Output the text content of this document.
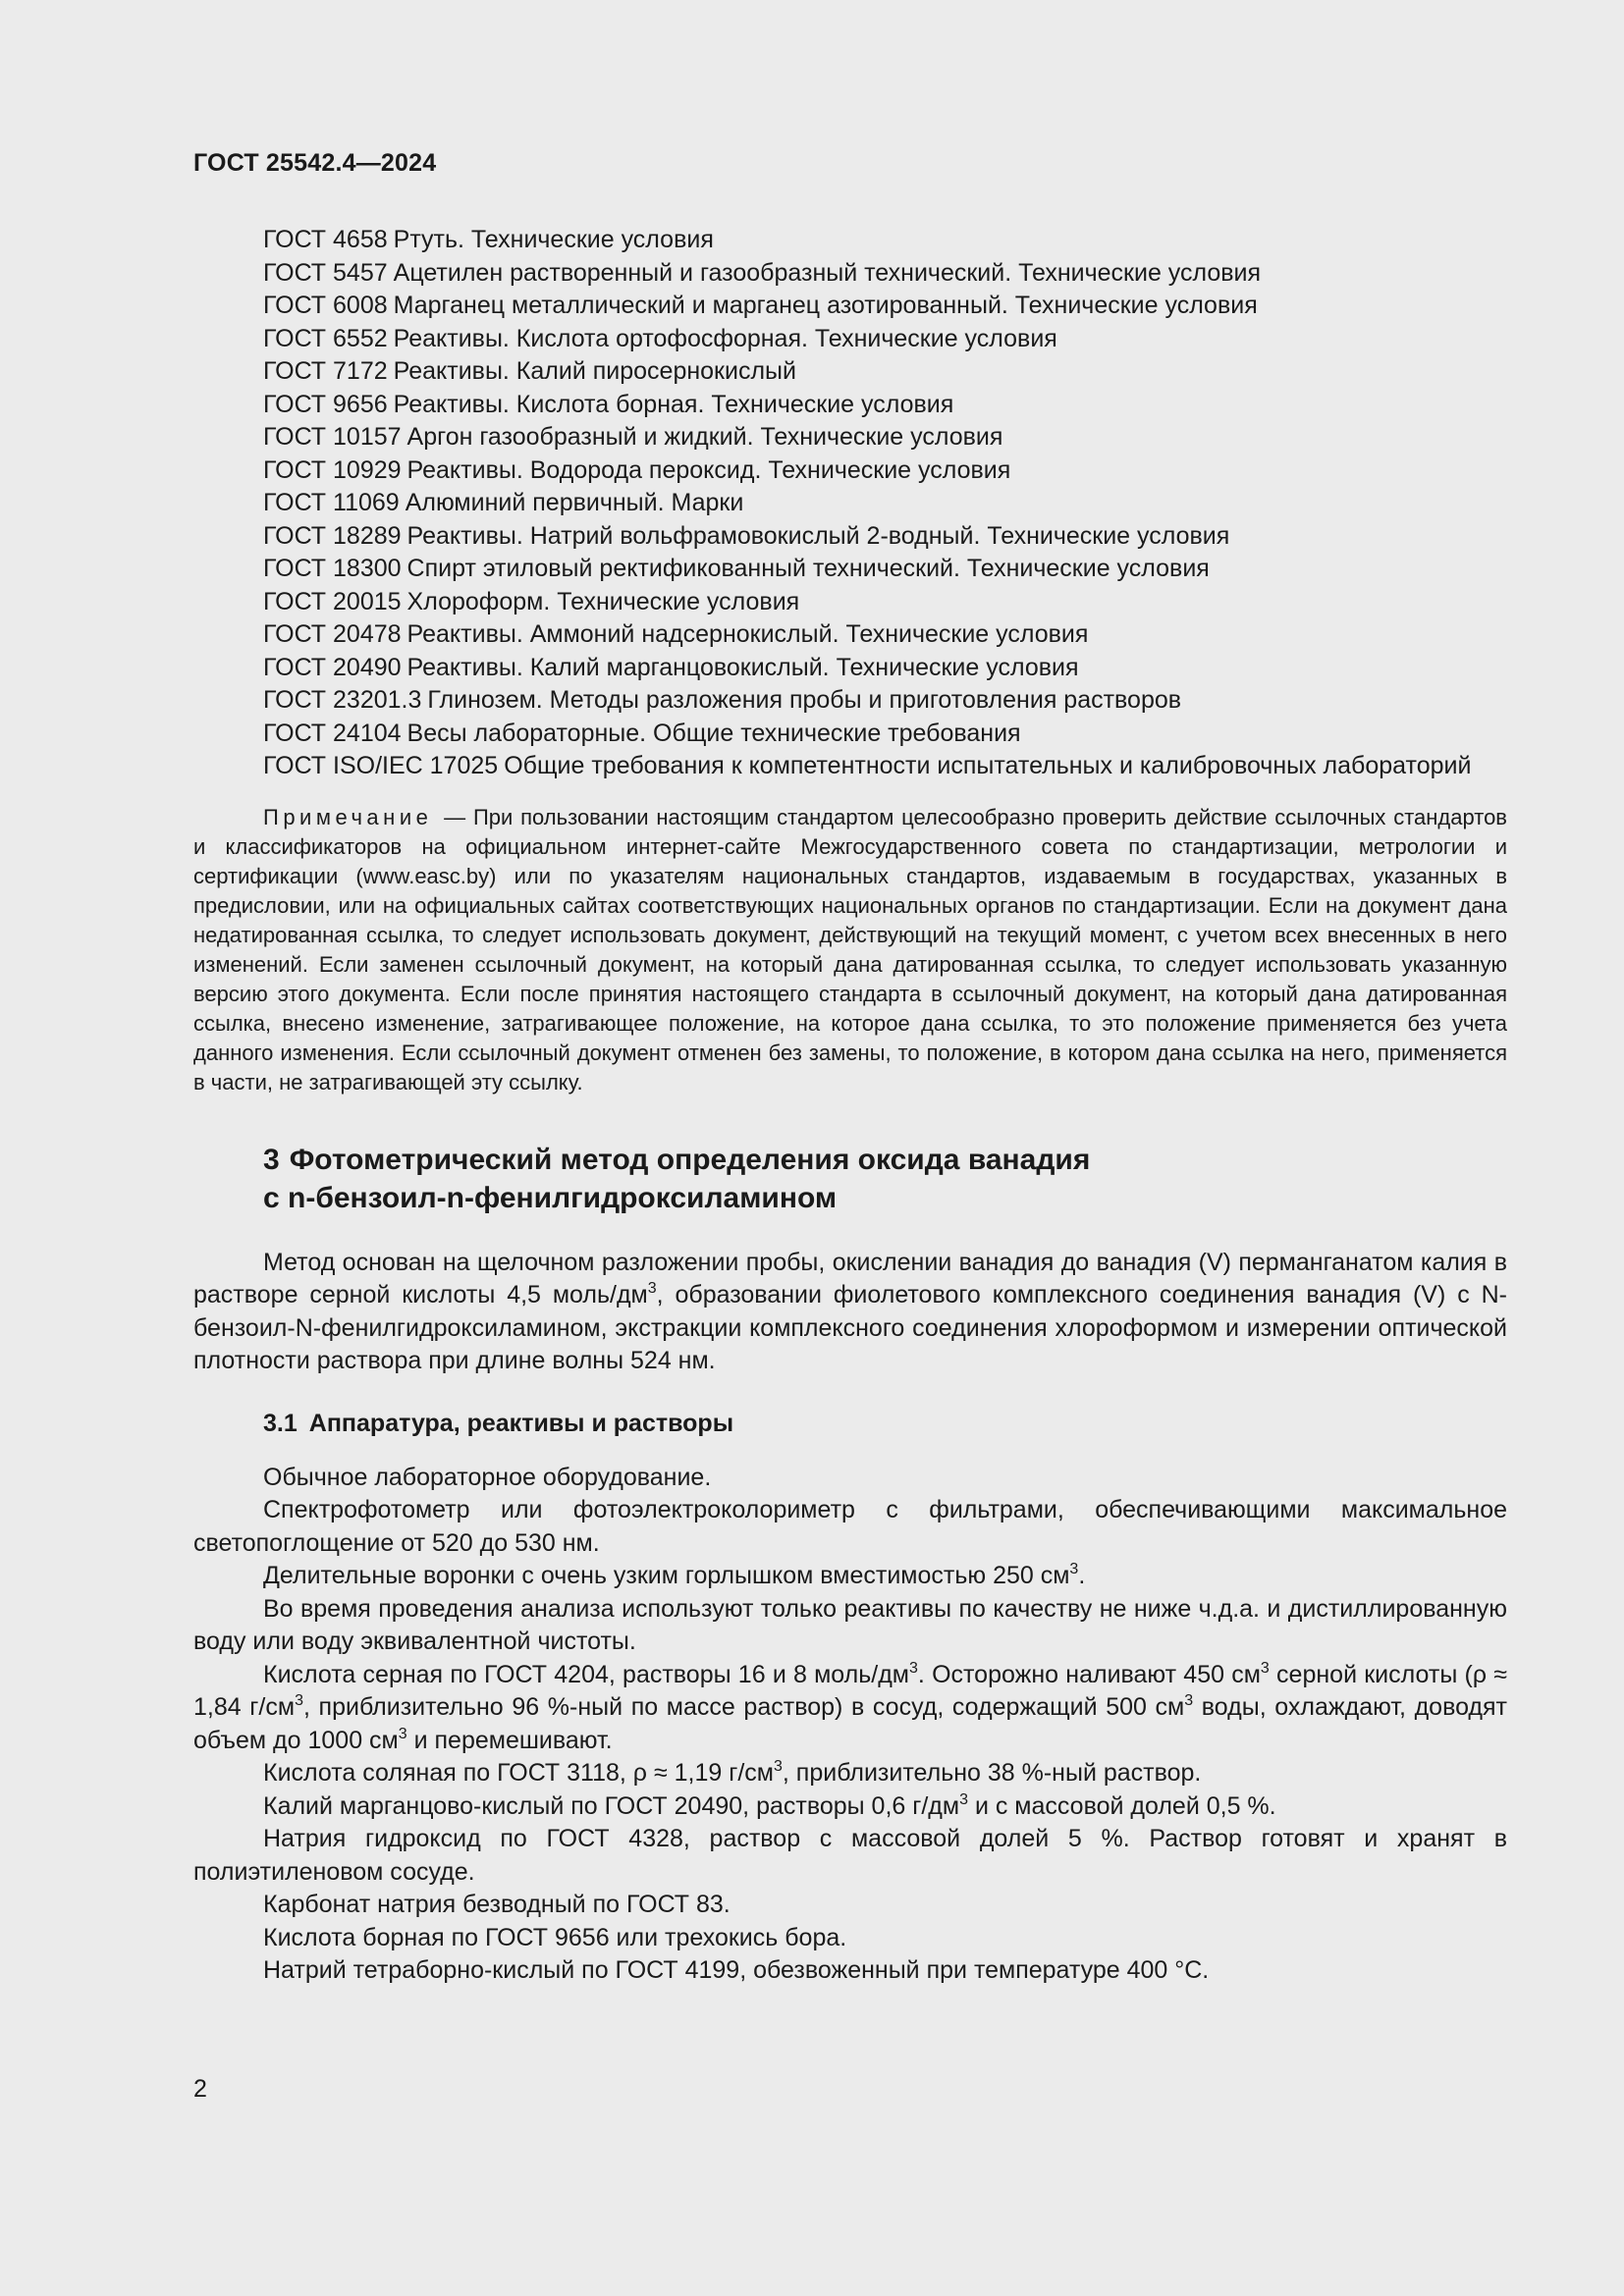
ГОСТ 25542.4—2024

ГОСТ 4658 Ртуть. Технические условия

ГОСТ 5457 Ацетилен растворенный и газообразный технический. Технические условия

ГОСТ 6008 Марганец металлический и марганец азотированный. Технические условия

ГОСТ 6552 Реактивы. Кислота ортофосфорная. Технические условия

ГОСТ 7172 Реактивы. Калий пиросернокислый

ГОСТ 9656 Реактивы. Кислота борная. Технические условия

ГОСТ 10157 Аргон газообразный и жидкий. Технические условия

ГОСТ 10929 Реактивы. Водорода пероксид. Технические условия

ГОСТ 11069 Алюминий первичный. Марки

ГОСТ 18289 Реактивы. Натрий вольфрамовокислый 2-водный. Технические условия

ГОСТ 18300 Спирт этиловый ректификованный технический. Технические условия

ГОСТ 20015 Хлороформ. Технические условия

ГОСТ 20478 Реактивы. Аммоний надсернокислый. Технические условия

ГОСТ 20490 Реактивы. Калий марганцовокислый. Технические условия

ГОСТ 23201.3 Глинозем. Методы разложения пробы и приготовления растворов

ГОСТ 24104 Весы лабораторные. Общие технические требования

ГОСТ ISO/IEC 17025 Общие требования к компетентности испытательных и калибровочных лабораторий

Примечание — При пользовании настоящим стандартом целесообразно проверить действие ссылочных стандартов и классификаторов на официальном интернет-сайте Межгосударственного совета по стандартизации, метрологии и сертификации (www.easc.by) или по указателям национальных стандартов, издаваемым в государствах, указанных в предисловии, или на официальных сайтах соответствующих национальных органов по стандартизации. Если на документ дана недатированная ссылка, то следует использовать документ, действующий на текущий момент, с учетом всех внесенных в него изменений. Если заменен ссылочный документ, на который дана датированная ссылка, то следует использовать указанную версию этого документа. Если после принятия настоящего стандарта в ссылочный документ, на который дана датированная ссылка, внесено изменение, затрагивающее положение, на которое дана ссылка, то это положение применяется без учета данного изменения. Если ссылочный документ отменен без замены, то положение, в котором дана ссылка на него, применяется в части, не затрагивающей эту ссылку.

3 Фотометрический метод определения оксида ванадия
с n-бензоил-n-фенилгидроксиламином

Метод основан на щелочном разложении пробы, окислении ванадия до ванадия (V) перманганатом калия в растворе серной кислоты 4,5 моль/$дм^3$, образовании фиолетового комплексного соединения ванадия (V) с N-бензоил-N-фенилгидроксиламином, экстракции комплексного соединения хлороформом и измерении оптической плотности раствора при длине волны 524 нм.

3.1 Аппаратура, реактивы и растворы

Обычное лабораторное оборудование.

Спектрофотометр или фотоэлектроколориметр с фильтрами, обеспечивающими максимальное светопоглощение от 520 до 530 нм.

Делительные воронки с очень узким горлышком вместимостью 250 $см^3$.

Во время проведения анализа используют только реактивы по качеству не ниже ч.д.а. и дистиллированную воду или воду эквивалентной чистоты.

Кислота серная по ГОСТ 4204, растворы 16 и 8 моль/$дм^3$. Осторожно наливают 450 $см^3$ серной кислоты (ρ ≈ 1,84 $г/см^3$, приблизительно 96 %-ный по массе раствор) в сосуд, содержащий 500 $см^3$ воды, охлаждают, доводят объем до 1000 $см^3$ и перемешивают.

Кислота соляная по ГОСТ 3118, ρ ≈ 1,19 $г/см^3$, приблизительно 38 %-ный раствор.

Калий марганцово-кислый по ГОСТ 20490, растворы 0,6 $г/дм^3$ и с массовой долей 0,5 %.

Натрия гидроксид по ГОСТ 4328, раствор с массовой долей 5 %. Раствор готовят и хранят в полиэтиленовом сосуде.

Карбонат натрия безводный по ГОСТ 83.

Кислота борная по ГОСТ 9656 или трехокись бора.

Натрий тетраборно-кислый по ГОСТ 4199, обезвоженный при температуре 400 °C.

2
